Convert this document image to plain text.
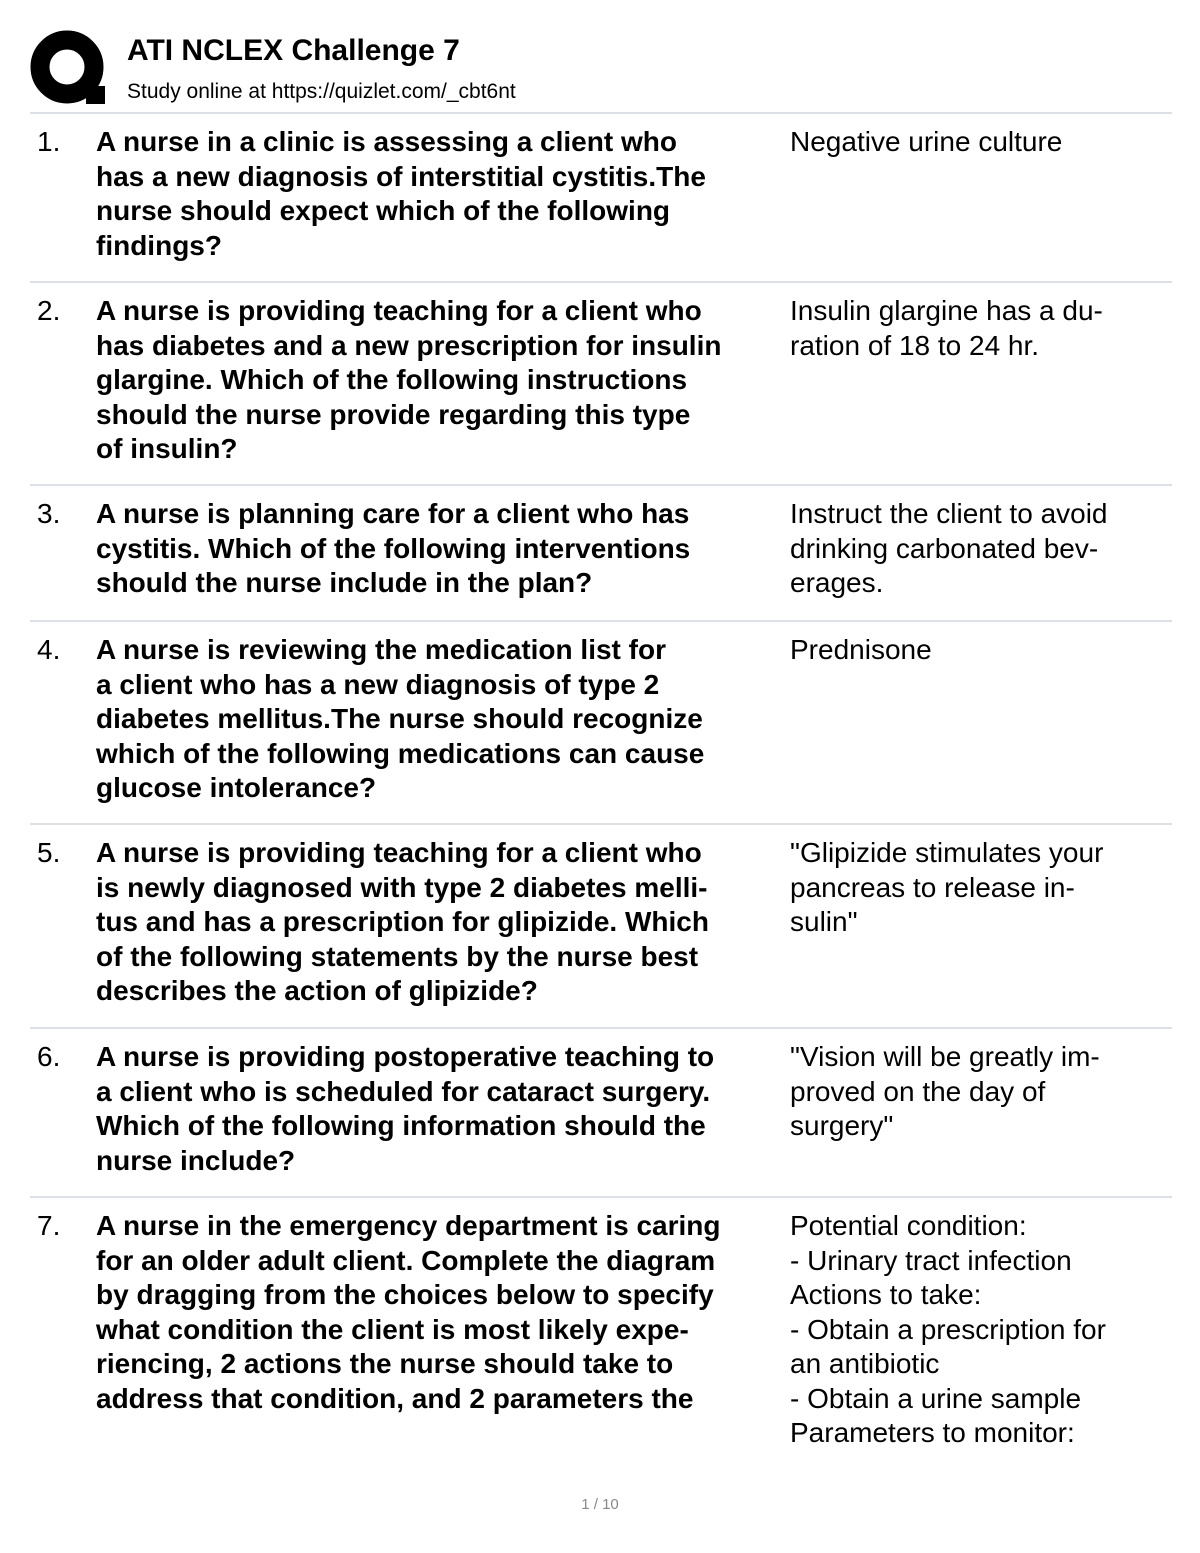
ATI NCLEX Challenge 7
Study online at https://quizlet.com/_cbt6nt
1. A nurse in a clinic is assessing a client who
has a new diagnosis of interstitial cystitis.The
nurse should expect which of the following
findings?
Negative urine culture
2. A nurse is providing teaching for a client who
has diabetes and a new prescription for insulin
glargine. Which of the following instructions
should the nurse provide regarding this type
of insulin?
Insulin glargine has a du-
ration of 18 to 24 hr.
3. A nurse is planning care for a client who has
cystitis. Which of the following interventions
should the nurse include in the plan?
Instruct the client to avoid
drinking carbonated bev-
erages.
4. A nurse is reviewing the medication list for
a client who has a new diagnosis of type 2
diabetes mellitus.The nurse should recognize
which of the following medications can cause
glucose intolerance?
Prednisone
5. A nurse is providing teaching for a client who
is newly diagnosed with type 2 diabetes melli-
tus and has a prescription for glipizide. Which
of the following statements by the nurse best
describes the action of glipizide?
"Glipizide stimulates your
pancreas to release in-
sulin"
6. A nurse is providing postoperative teaching to
a client who is scheduled for cataract surgery.
Which of the following information should the
nurse include?
"Vision will be greatly im-
proved on the day of
surgery"
7. A nurse in the emergency department is caring
for an older adult client. Complete the diagram
by dragging from the choices below to specify
what condition the client is most likely expe-
riencing, 2 actions the nurse should take to
address that condition, and 2 parameters the
Potential condition:
- Urinary tract infection
Actions to take:
- Obtain a prescription for
an antibiotic
- Obtain a urine sample
Parameters to monitor:
1 / 10
